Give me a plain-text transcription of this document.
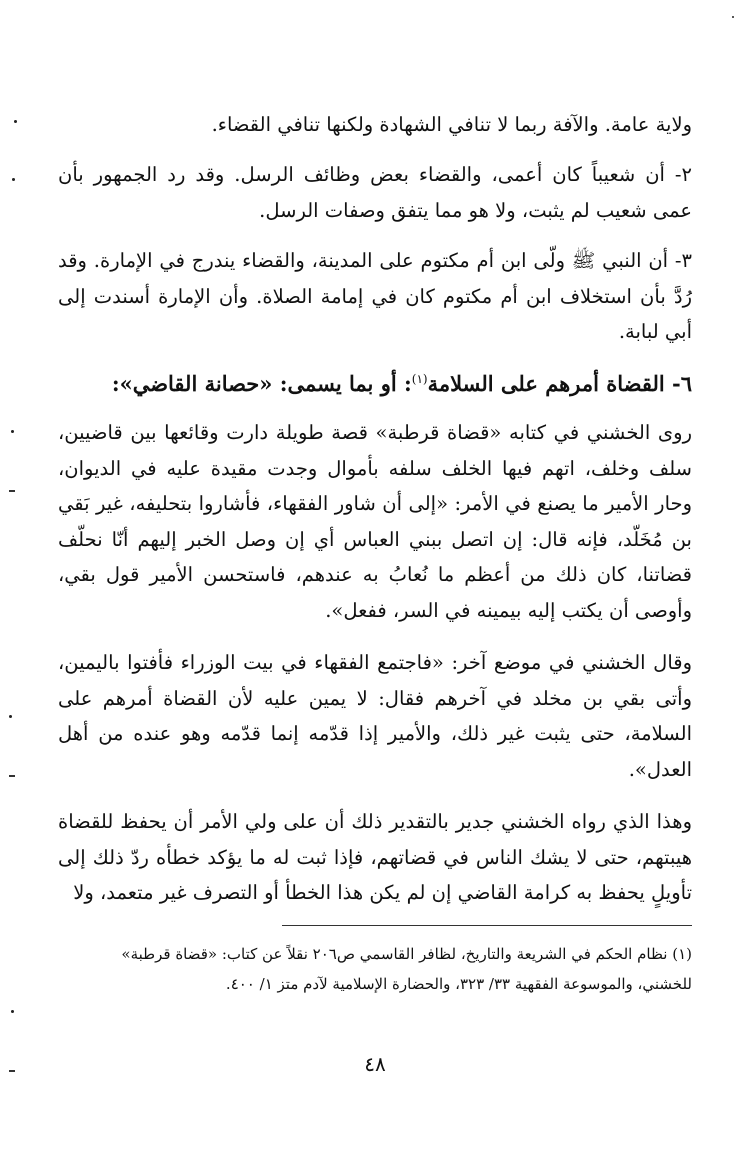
ولاية عامة. والآفة ربما لا تنافي الشهادة ولكنها تنافي القضاء.

٢- أن شعيباً كان أعمى، والقضاء بعض وظائف الرسل. وقد رد الجمهور بأن عمى شعيب لم يثبت، ولا هو مما يتفق وصفات الرسل.

٣- أن النبي ﷺ ولّى ابن أم مكتوم على المدينة، والقضاء يندرج في الإمارة. وقد رُدَّ بأن استخلاف ابن أم مكتوم كان في إمامة الصلاة. وأن الإمارة أسندت إلى أبي لبابة.

٦- القضاة أمرهم على السلامة$^{(١)}$: أو بما يسمى: «حصانة القاضي»:

روى الخشني في كتابه «قضاة قرطبة» قصة طويلة دارت وقائعها بين قاضيين، سلف وخلف، اتهم فيها الخلف سلفه بأموال وجدت مقيدة عليه في الديوان، وحار الأمير ما يصنع في الأمر: «إلى أن شاور الفقهاء، فأشاروا بتحليفه، غير بَقي بن مُخَلّد، فإنه قال: إن اتصل ببني العباس أي إن وصل الخبر إليهم أنّا نحلّف قضاتنا، كان ذلك من أعظم ما نُعابُ به عندهم، فاستحسن الأمير قول بقي، وأوصى أن يكتب إليه بيمينه في السر، ففعل».

وقال الخشني في موضع آخر: «فاجتمع الفقهاء في بيت الوزراء فأفتوا باليمين، وأتى بقي بن مخلد في آخرهم فقال: لا يمين عليه لأن القضاة أمرهم على السلامة، حتى يثبت غير ذلك، والأمير إذا قدّمه إنما قدّمه وهو عنده من أهل العدل».

وهذا الذي رواه الخشني جدير بالتقدير ذلك أن على ولي الأمر أن يحفظ للقضاة هيبتهم، حتى لا يشك الناس في قضاتهم، فإذا ثبت له ما يؤكد خطأه ردّ ذلك إلى تأويلٍ يحفظ به كرامة القاضي إن لم يكن هذا الخطأ أو التصرف غير متعمد، ولا

(١) نظام الحكم في الشريعة والتاريخ، لظافر القاسمي ص٢٠٦ نقلاً عن كتاب: «قضاة قرطبة»

للخشني، والموسوعة الفقهية ٣٣/ ٣٢٣، والحضارة الإسلامية لآدم متز ١/ ٤٠٠.

٤٨
